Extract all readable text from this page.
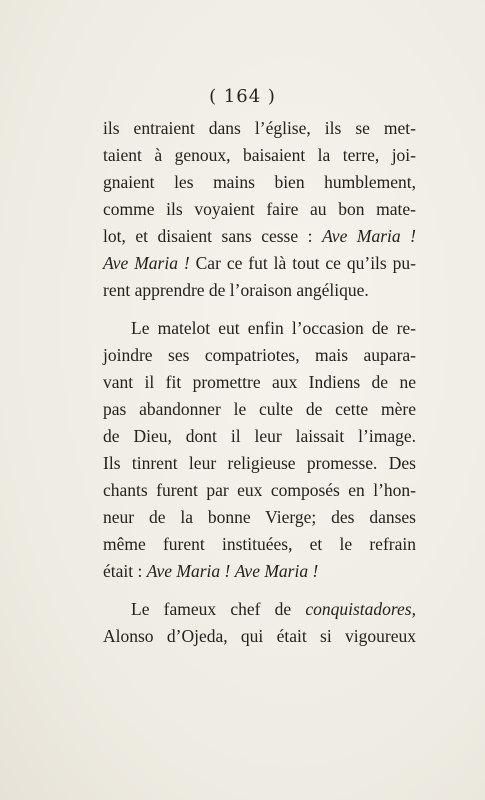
( 164 )
ils entraient dans l’église, ils se met-
taient à genoux, baisaient la terre, joi-
gnaient les mains bien humblement,
comme ils voyaient faire au bon mate-
lot, et disaient sans cesse : Ave Maria !
Ave Maria ! Car ce fut là tout ce qu’ils pu-
rent apprendre de l’oraison angélique.
Le matelot eut enfin l’occasion de re-
joindre ses compatriotes, mais aupara-
vant il fit promettre aux Indiens de ne
pas abandonner le culte de cette mère
de Dieu, dont il leur laissait l’image.
Ils tinrent leur religieuse promesse. Des
chants furent par eux composés en l’hon-
neur de la bonne Vierge; des danses
même furent instituées, et le refrain
était : Ave Maria ! Ave Maria !
Le fameux chef de conquistadores,
Alonso d’Ojeda, qui était si vigoureux
